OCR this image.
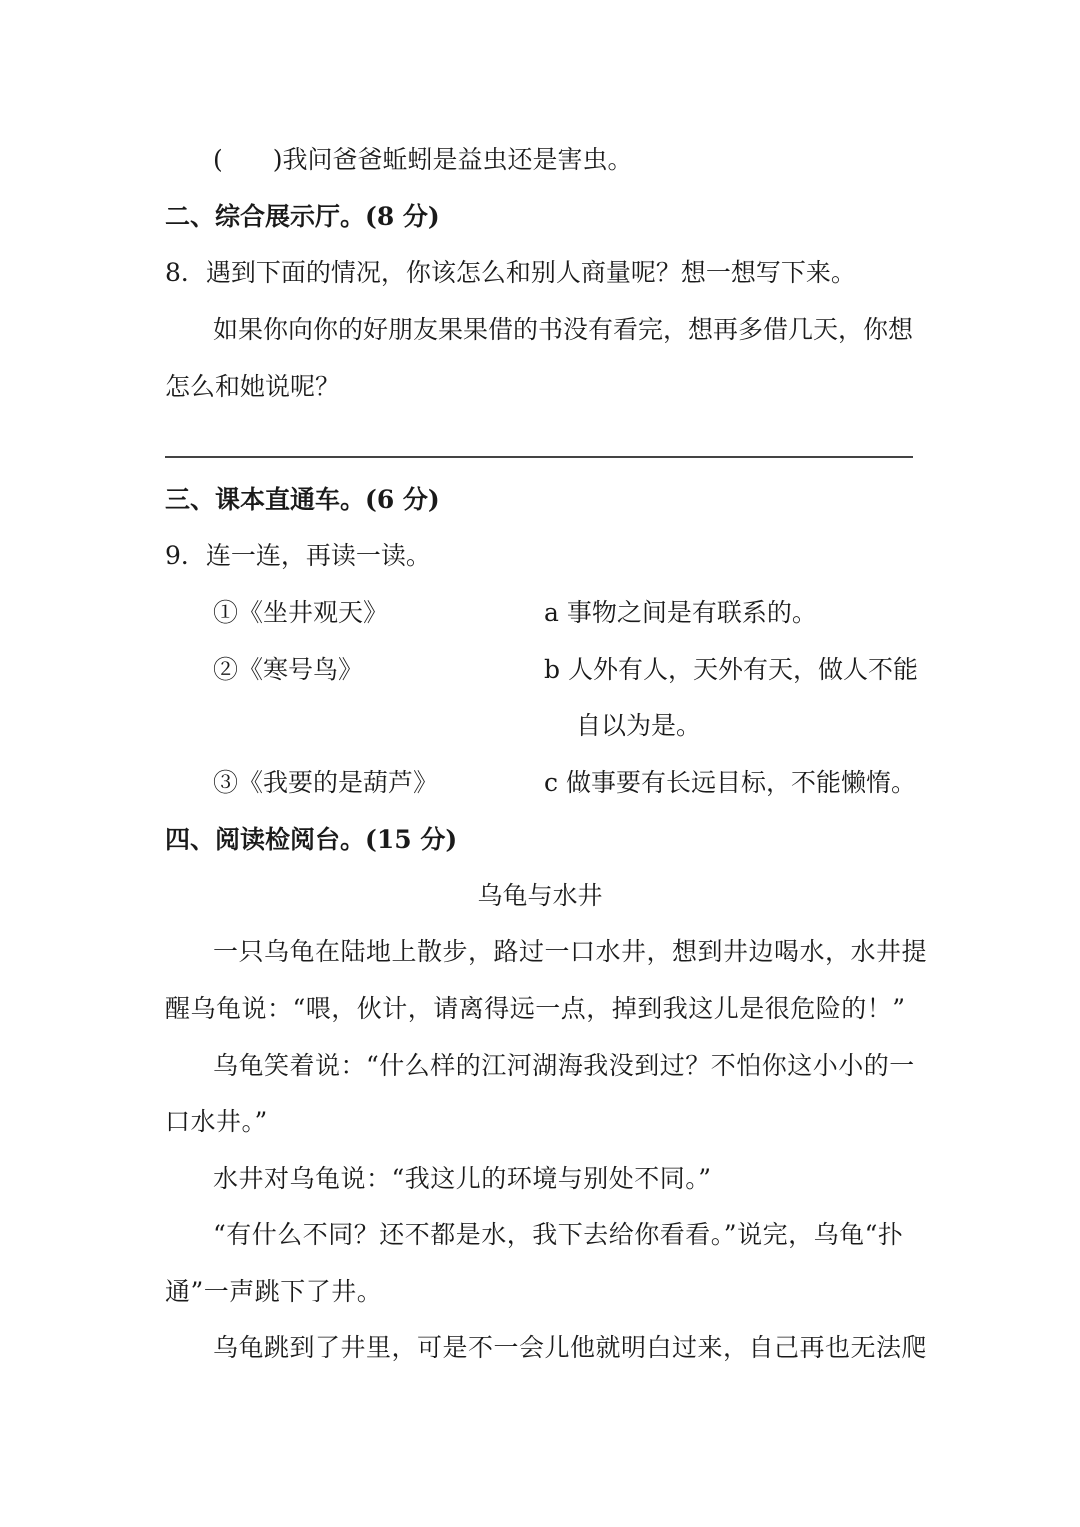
(　　)我问爸爸蚯蚓是益虫还是害虫。
二、综合展示厅。(8 分)
8．遇到下面的情况，你该怎么和别人商量呢？想一想写下来。
如果你向你的好朋友果果借的书没有看完，想再多借几天，你想
怎么和她说呢？
三、课本直通车。(6 分)
9．连一连，再读一读。
①《坐井观天》	a 事物之间是有联系的。
②《寒号鸟》	b 人外有人，天外有天，做人不能
自以为是。
③《我要的是葫芦》	c 做事要有长远目标，不能懒惰。
四、阅读检阅台。(15 分)
乌龟与水井
一只乌龟在陆地上散步，路过一口水井，想到井边喝水，水井提
醒乌龟说：“喂，伙计，请离得远一点，掉到我这儿是很危险的！”
乌龟笑着说：“什么样的江河湖海我没到过？不怕你这小小的一
口水井。”
水井对乌龟说：“我这儿的环境与别处不同。”
“有什么不同？还不都是水，我下去给你看看。”说完，乌龟“扑
通”一声跳下了井。
乌龟跳到了井里，可是不一会儿他就明白过来，自己再也无法爬
